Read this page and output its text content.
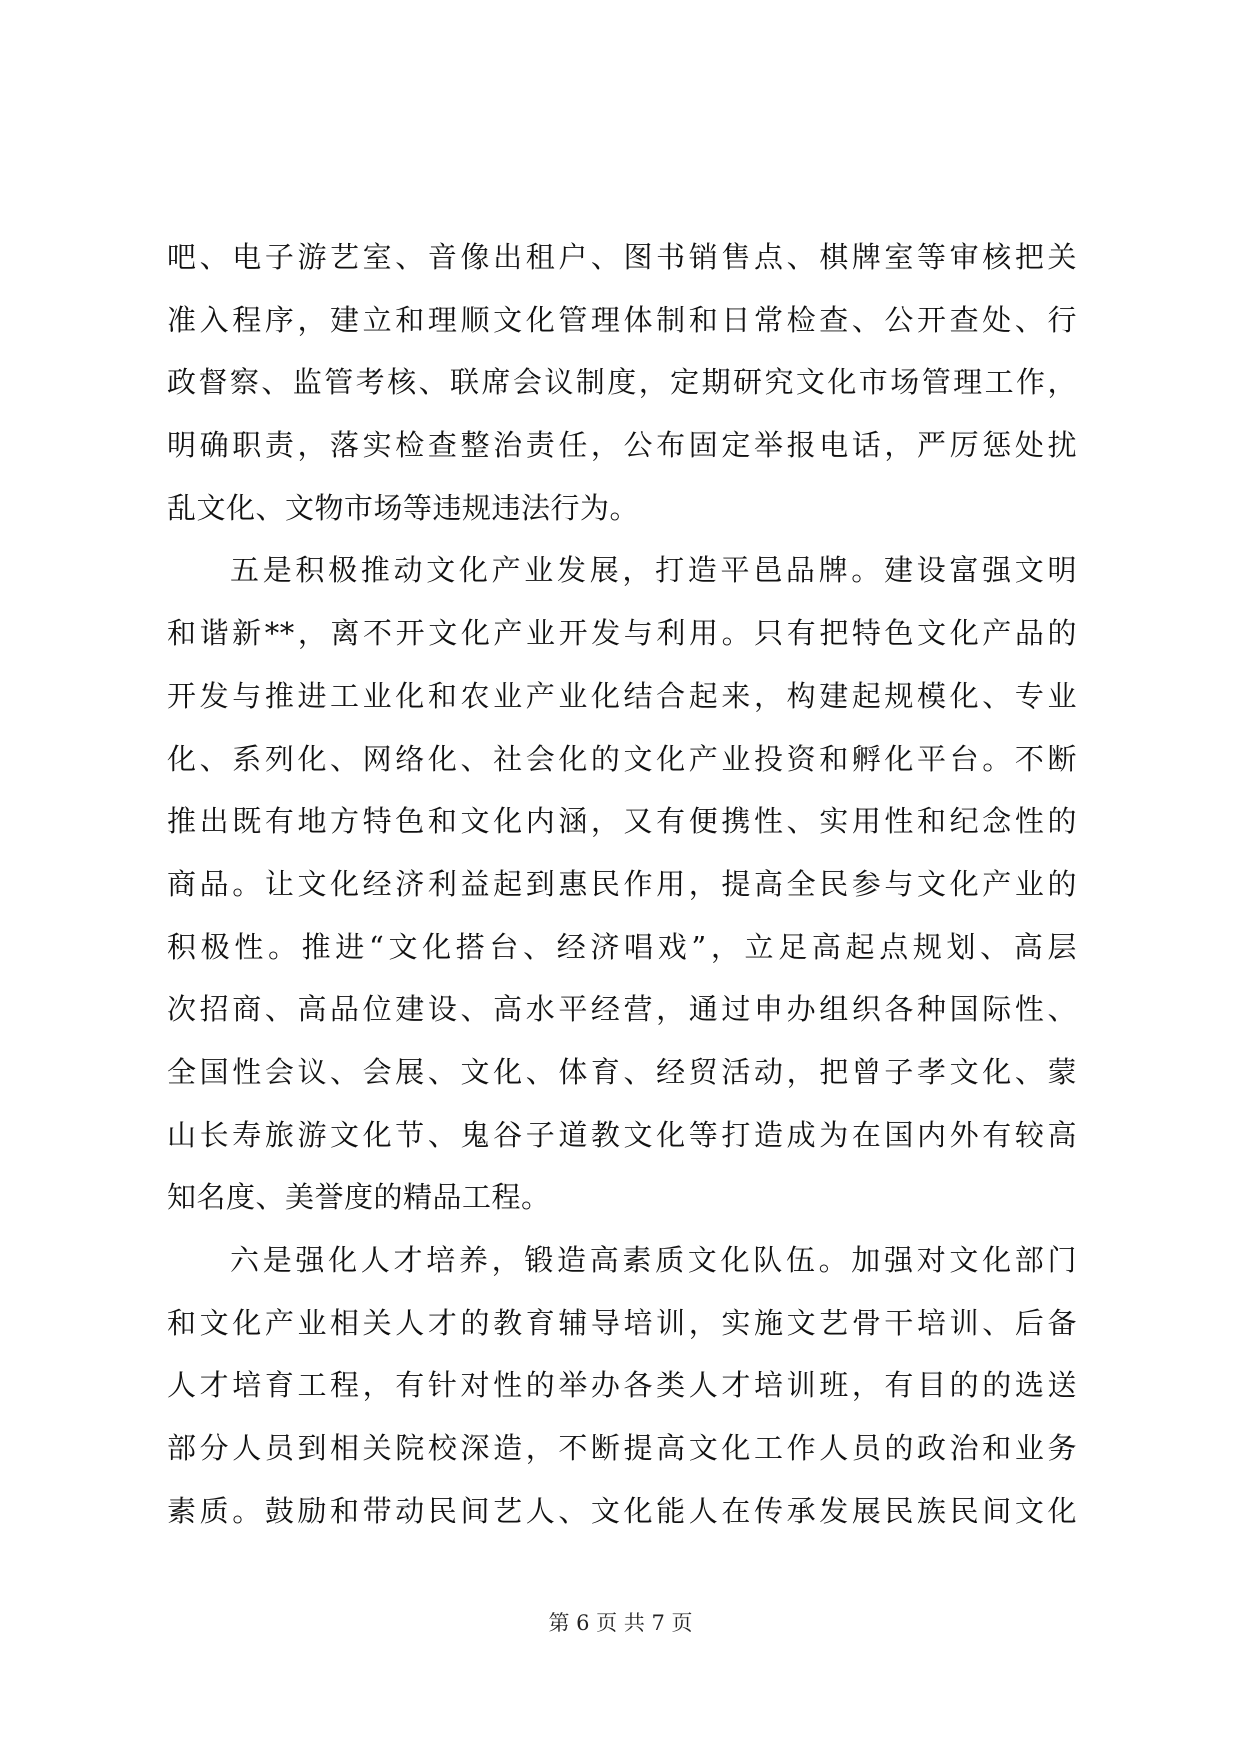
吧、电子游艺室、音像出租户、图书销售点、棋牌室等审核把关
准入程序，建立和理顺文化管理体制和日常检查、公开查处、行
政督察、监管考核、联席会议制度，定期研究文化市场管理工作，
明确职责，落实检查整治责任，公布固定举报电话，严厉惩处扰
乱文化、文物市场等违规违法行为。
五是积极推动文化产业发展，打造平邑品牌。建设富强文明
和谐新**，离不开文化产业开发与利用。只有把特色文化产品的
开发与推进工业化和农业产业化结合起来，构建起规模化、专业
化、系列化、网络化、社会化的文化产业投资和孵化平台。不断
推出既有地方特色和文化内涵，又有便携性、实用性和纪念性的
商品。让文化经济利益起到惠民作用，提高全民参与文化产业的
积极性。推进“文化搭台、经济唱戏”，立足高起点规划、高层
次招商、高品位建设、高水平经营，通过申办组织各种国际性、
全国性会议、会展、文化、体育、经贸活动，把曾子孝文化、蒙
山长寿旅游文化节、鬼谷子道教文化等打造成为在国内外有较高
知名度、美誉度的精品工程。
六是强化人才培养，锻造高素质文化队伍。加强对文化部门
和文化产业相关人才的教育辅导培训，实施文艺骨干培训、后备
人才培育工程，有针对性的举办各类人才培训班，有目的的选送
部分人员到相关院校深造，不断提高文化工作人员的政治和业务
素质。鼓励和带动民间艺人、文化能人在传承发展民族民间文化
第 6 页 共 7 页
